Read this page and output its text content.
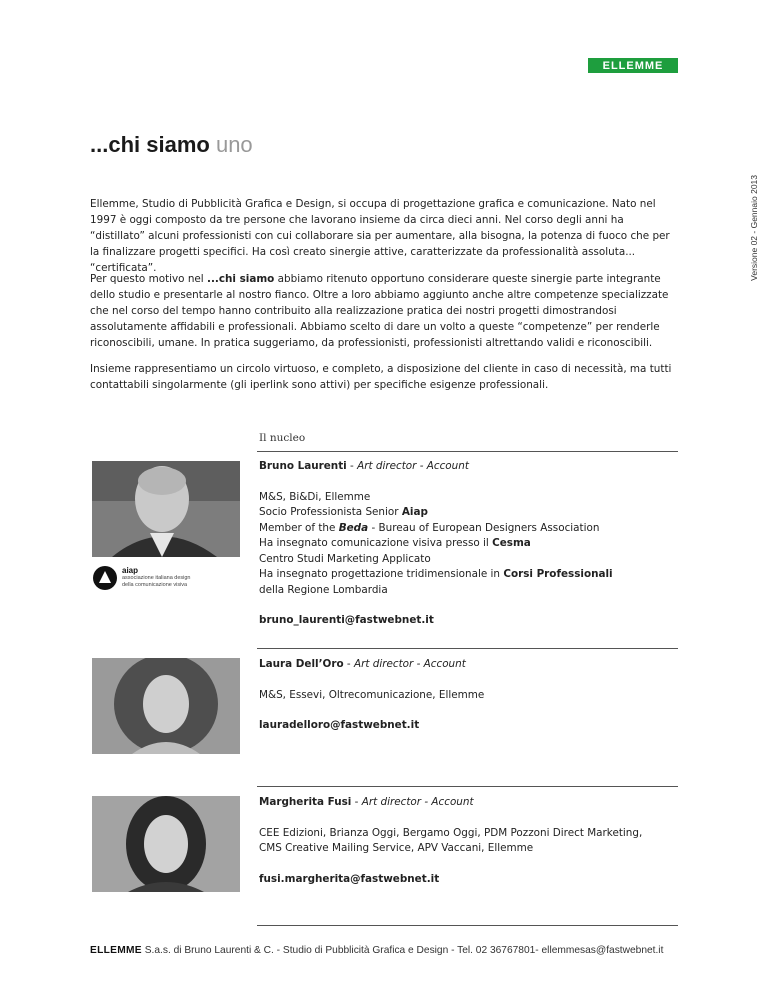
ELLEMME
...chi siamo uno
Versione 02 - Gennaio 2013

Ellemme, Studio di Pubblicità Grafica e Design, si occupa di progettazione grafica e comunicazione. Nato nel 1997 è oggi composto da tre persone che lavorano insieme da circa dieci anni. Nel corso degli anni ha “distillato” alcuni professionisti con cui collaborare sia per aumentare, alla bisogna, la potenza di fuoco che per la finalizzare progetti specifici. Ha così creato sinergie attive, caratterizzate da professionalità assoluta... “certificata”.

Per questo motivo nel ...chi siamo abbiamo ritenuto opportuno considerare queste sinergie parte integrante dello studio e presentarle al nostro fianco. Oltre a loro abbiamo aggiunto anche altre competenze specializzate che nel corso del tempo hanno contribuito alla realizzazione pratica dei nostri progetti dimostrandosi assolutamente affidabili e professionali. Abbiamo scelto di dare un volto a queste “competenze” per renderle riconoscibili, umane. In pratica suggeriamo, da professionisti, professionisti altrettando validi e riconoscibili.

Insieme rappresentiamo un circolo virtuoso, e completo, a disposizione del cliente in caso di necessità, ma tutti contattabili singolarmente (gli iperlink sono attivi) per specifiche esigenze professionali.

Il nucleo
aiap
associazione italiana design
della comunicazione visiva
Bruno Laurenti - Art director - Account
M&S, Bi&Di, Ellemme
Socio Professionista Senior Aiap
Member of the Beda - Bureau of European Designers Association
Ha insegnato comunicazione visiva presso il Cesma
Centro Studi Marketing Applicato
Ha insegnato progettazione tridimensionale in Corsi Professionali
della Regione Lombardia
bruno_laurenti@fastwebnet.it
Laura Dell’Oro - Art director - Account
M&S, Essevi, Oltrecomunicazione, Ellemme
lauradelloro@fastwebnet.it
Margherita Fusi - Art director - Account
CEE Edizioni, Brianza Oggi, Bergamo Oggi, PDM Pozzoni Direct Marketing,
CMS Creative Mailing Service, APV Vaccani, Ellemme
fusi.margherita@fastwebnet.it
ELLEMME S.a.s. di Bruno Laurenti & C. - Studio di Pubblicità Grafica e Design - Tel. 02 36767801- ellemmesas@fastwebnet.it
